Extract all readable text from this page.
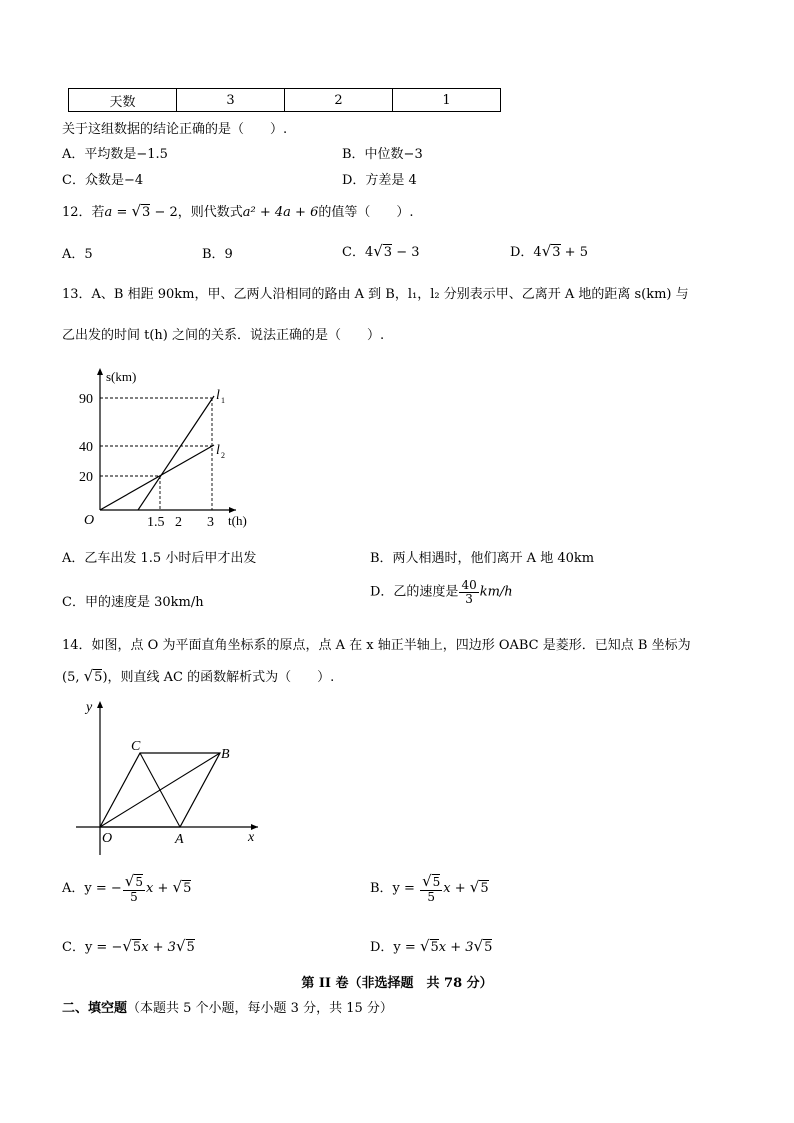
天数	3	2	1
关于这组数据的结论正确的是（　　）.
A．平均数是−1.5	B．中位数−3
C．众数是−4	D．方差是 4
12．若a = √3 − 2，则代数式a² + 4a + 6的值等（　　）.
A．5	B．9	C．4√3 − 3	D．4√3 + 5
13．A、B 相距 90km，甲、乙两人沿相同的路由 A 到 B，l₁，l₂ 分别表示甲、乙离开 A 地的距离 s(km) 与
乙出发的时间 t(h) 之间的关系．说法正确的是（　　）.
s(km)
t(h)
O
90
40
20
1.5 2 3
l 1
l 2
A．乙车出发 1.5 小时后甲才出发	B．两人相遇时，他们离开 A 地 40km
C．甲的速度是 30km/h
D．乙的速度是 $\frac{40}{3} km/h$
14．如图，点 O 为平面直角坐标系的原点，点 A 在 x 轴正半轴上，四边形 OABC 是菱形．已知点 B 坐标为
(5, √5)，则直线 AC 的函数解析式为（　　）.
y
x
O	A
B
C
A．y = − $\frac{√5}{5}$ x + √5	B．$y = \frac{√5}{5}$ x + √5
C．y = −√5x + 3√5	D．y = √5x + 3√5
第 II 卷（非选择题　共 78 分）
二、填空题（本题共 5 个小题，每小题 3 分，共 15 分）
